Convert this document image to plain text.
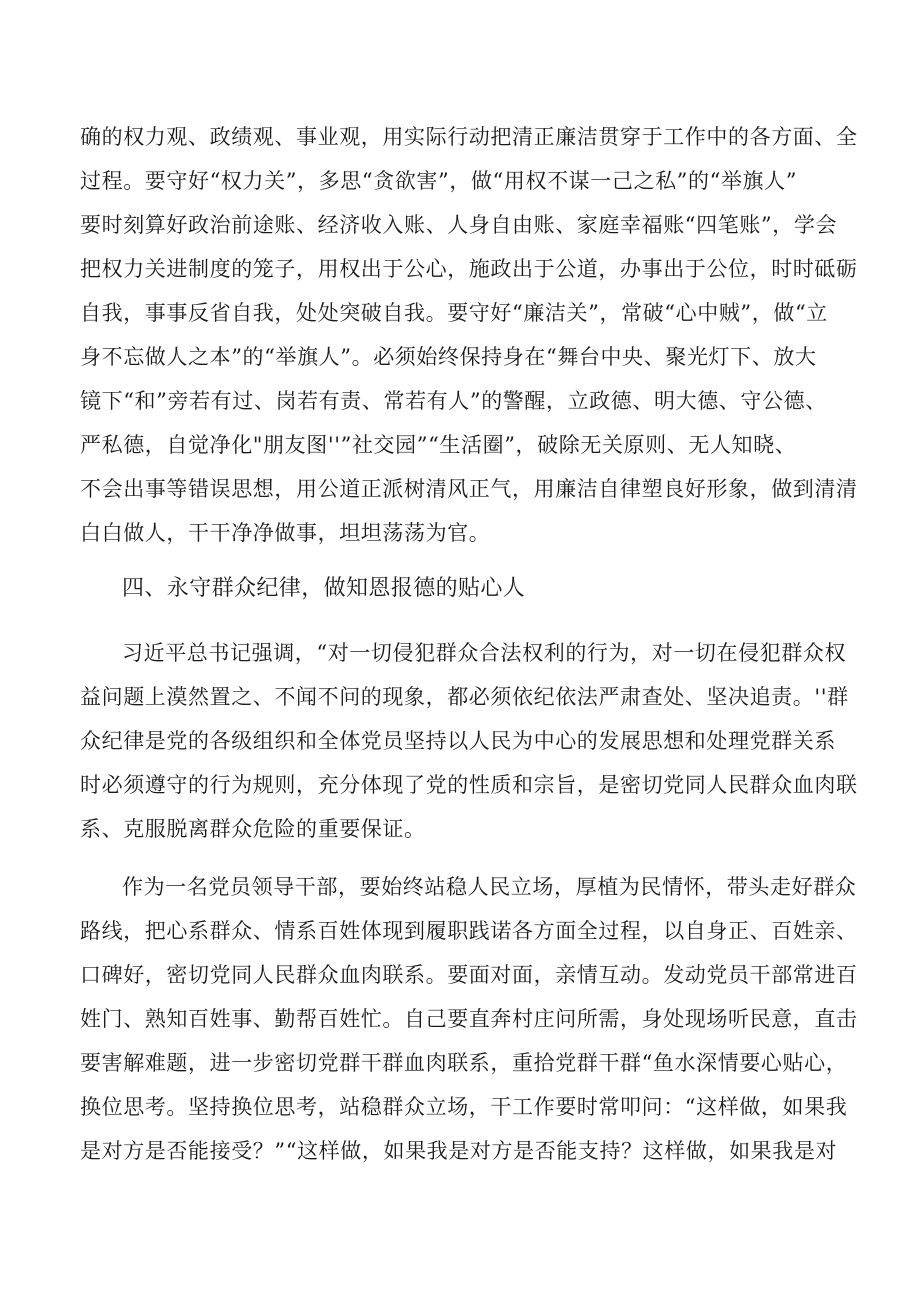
确的权力观、政绩观、事业观，用实际行动把清正廉洁贯穿于工作中的各方面、全
过程。要守好“权力关”，多思“贪欲害”，做“用权不谋一己之私”的“举旗人”
要时刻算好政治前途账、经济收入账、人身自由账、家庭幸福账“四笔账”，学会
把权力关进制度的笼子，用权出于公心，施政出于公道，办事出于公位，时时砥砺
自我，事事反省自我，处处突破自我。要守好“廉洁关”，常破“心中贼”，做“立
身不忘做人之本”的“举旗人”。必须始终保持身在“舞台中央、聚光灯下、放大
镜下“和”旁若有过、岗若有责、常若有人”的警醒，立政德、明大德、守公德、
严私德，自觉净化"朋友图''”社交园”“生活圈”，破除无关原则、无人知晓、
不会出事等错误思想，用公道正派树清风正气，用廉洁自律塑良好形象，做到清清
白白做人，干干净净做事，坦坦荡荡为官。
四、永守群众纪律，做知恩报德的贴心人
习近平总书记强调，“对一切侵犯群众合法权利的行为，对一切在侵犯群众权
益问题上漠然置之、不闻不问的现象，都必须依纪依法严肃查处、坚决追责。''群
众纪律是党的各级组织和全体党员坚持以人民为中心的发展思想和处理党群关系
时必须遵守的行为规则，充分体现了党的性质和宗旨，是密切党同人民群众血肉联
系、克服脱离群众危险的重要保证。
作为一名党员领导干部，要始终站稳人民立场，厚植为民情怀，带头走好群众
路线，把心系群众、情系百姓体现到履职践诺各方面全过程，以自身正、百姓亲、
口碑好，密切党同人民群众血肉联系。要面对面，亲情互动。发动党员干部常进百
姓门、熟知百姓事、勤帮百姓忙。自己要直奔村庄问所需，身处现场听民意，直击
要害解难题，进一步密切党群干群血肉联系，重拾党群干群“鱼水深情要心贴心，
换位思考。坚持换位思考，站稳群众立场，干工作要时常叩问：“这样做，如果我
是对方是否能接受？”“这样做，如果我是对方是否能支持？这样做，如果我是对
